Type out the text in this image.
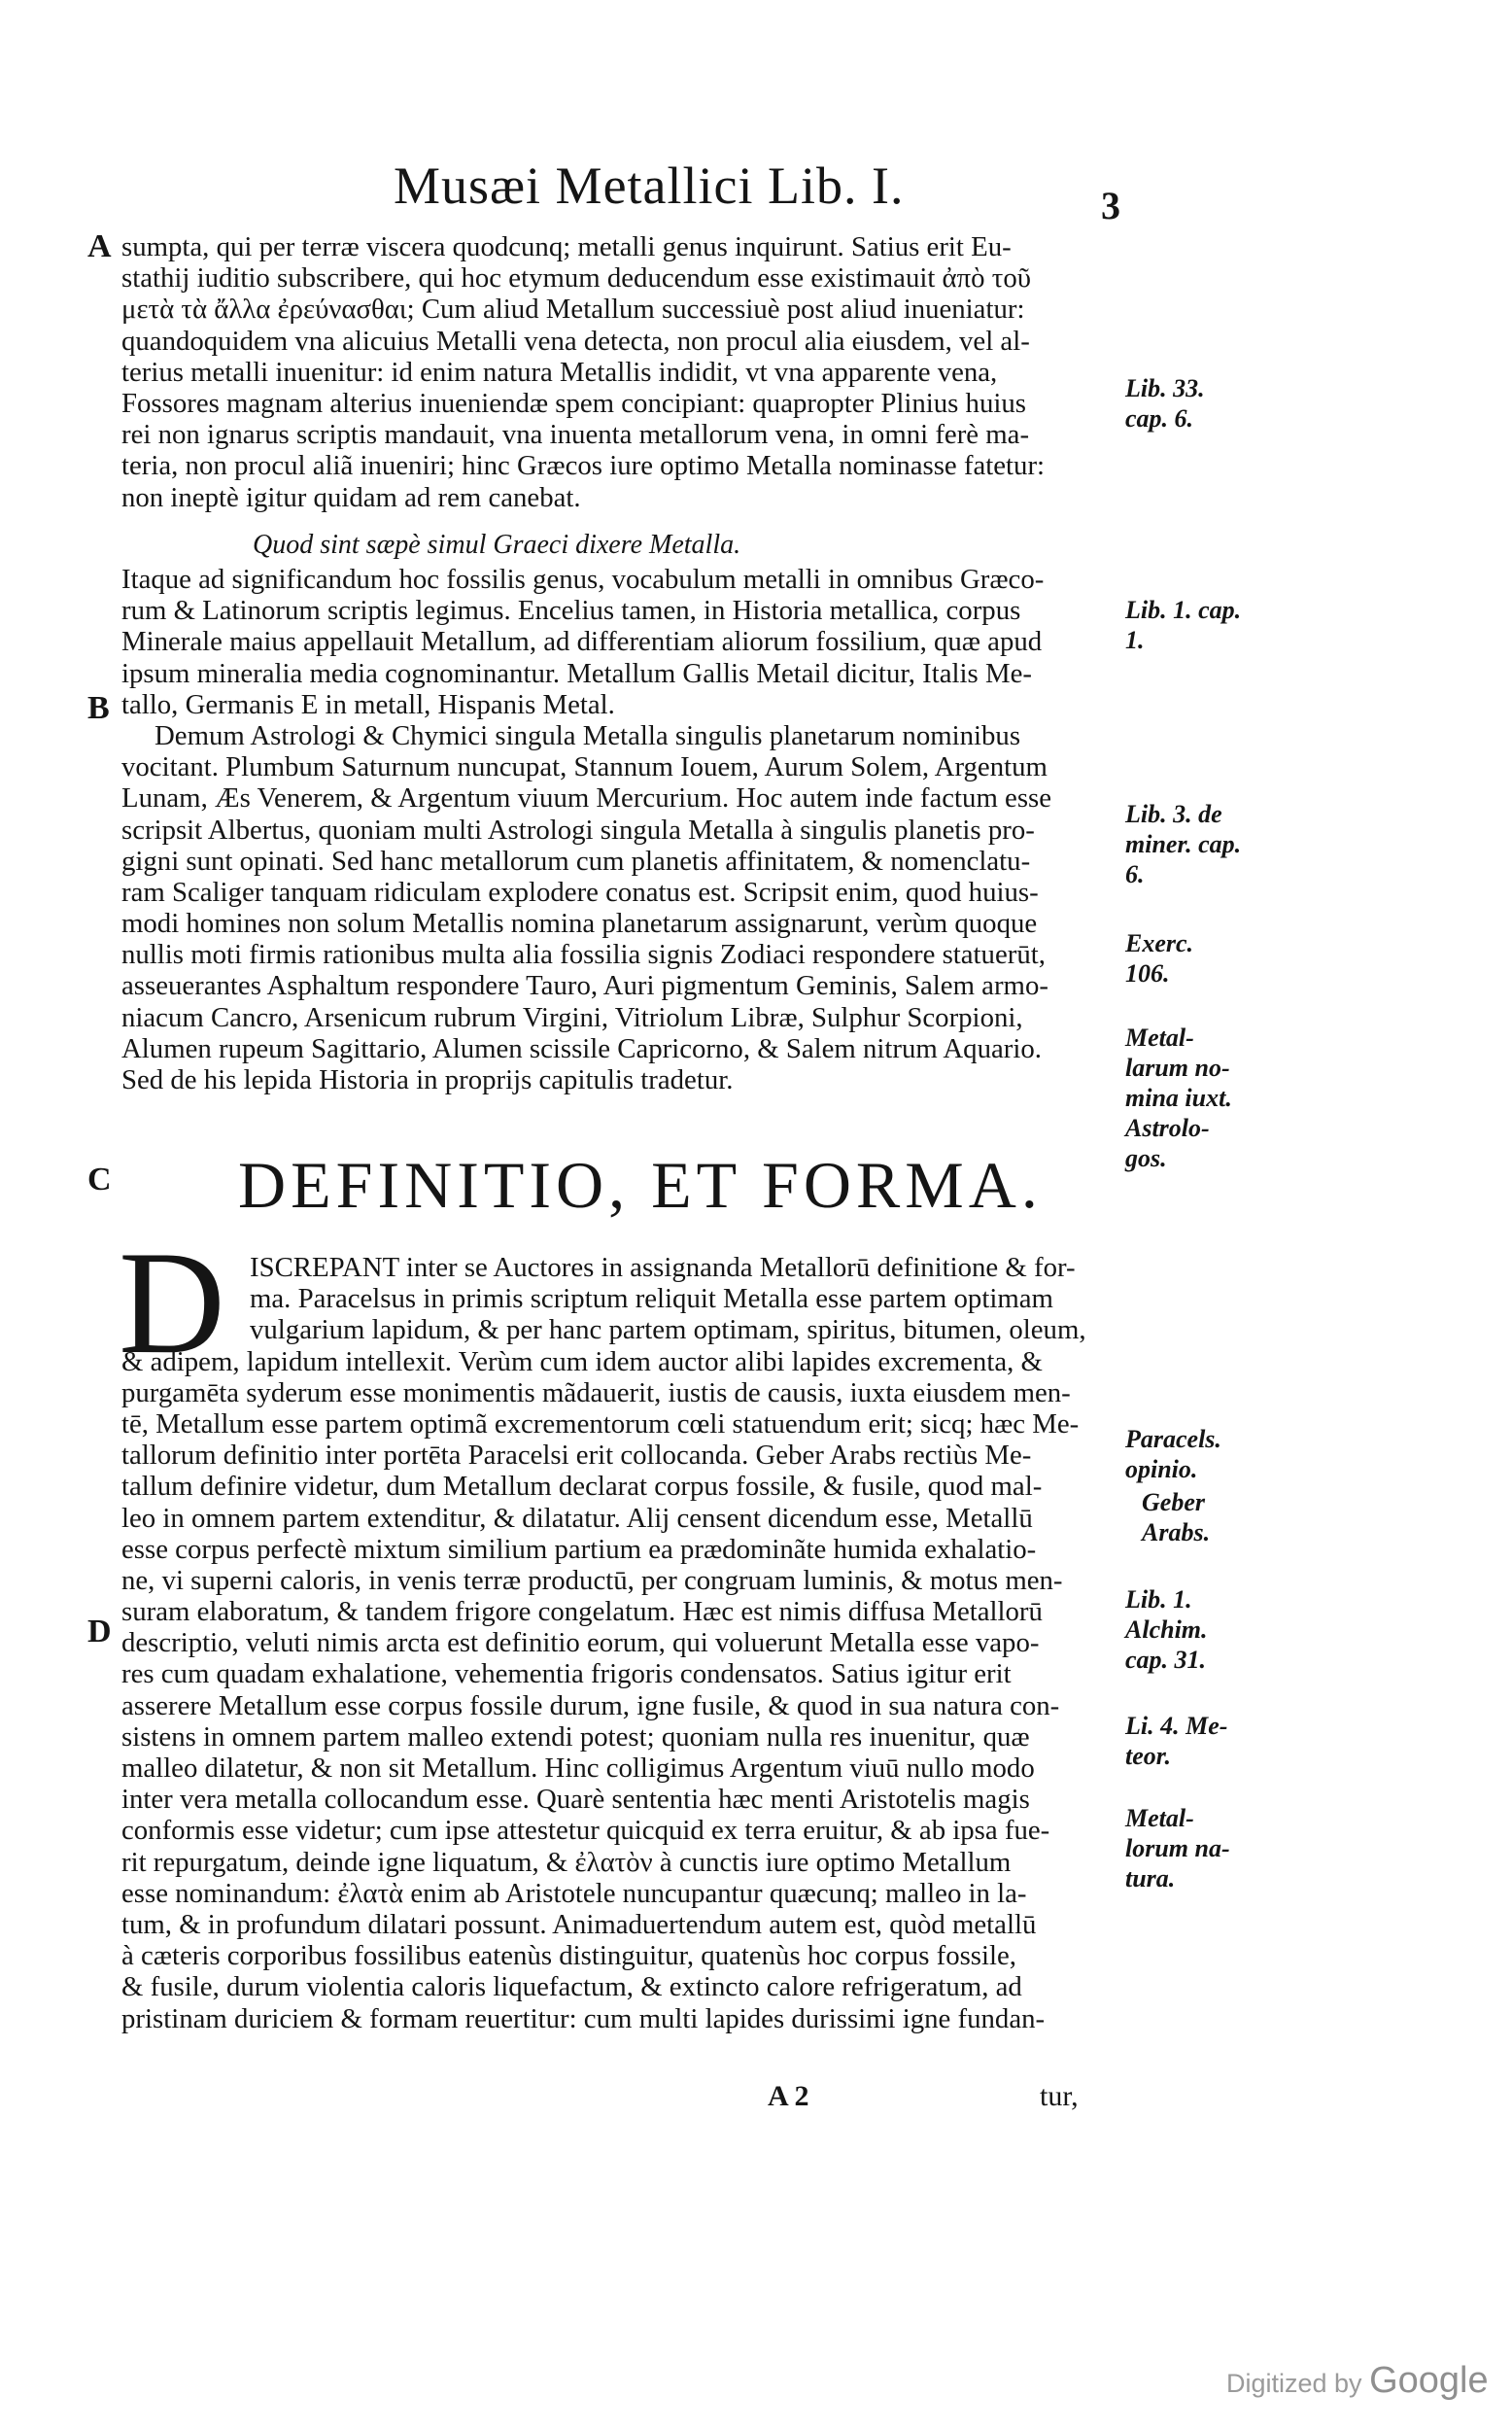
Musæi Metallici Lib. I.	3
A
B
C
D
sumpta, qui per terræ viscera quodcunq; metalli genus inquirunt. Satius erit Eu-
stathij iuditio subscribere, qui hoc etymum deducendum esse existimauit ἀπὸ τοῦ
μετὰ τὰ ἄλλα ἐρεύνασθαι; Cum aliud Metallum successiuè post aliud inueniatur:
quandoquidem vna alicuius Metalli vena detecta, non procul alia eiusdem, vel al-
terius metalli inuenitur: id enim natura Metallis indidit, vt vna apparente vena,
Fossores magnam alterius inueniendæ spem concipiant: quapropter Plinius huius
rei non ignarus scriptis mandauit, vna inuenta metallorum vena, in omni ferè ma-
teria, non procul aliã inueniri; hinc Græcos iure optimo Metalla nominasse fatetur:
non ineptè igitur quidam ad rem canebat.
Quod sint sæpè simul Graeci dixere Metalla.
Itaque ad significandum hoc fossilis genus, vocabulum metalli in omnibus Græco-
rum & Latinorum scriptis legimus. Encelius tamen, in Historia metallica, corpus
Minerale maius appellauit Metallum, ad differentiam aliorum fossilium, quæ apud
ipsum mineralia media cognominantur. Metallum Gallis Metail dicitur, Italis Me-
tallo, Germanis E in metall, Hispanis Metal.
Demum Astrologi & Chymici singula Metalla singulis planetarum nominibus
vocitant. Plumbum Saturnum nuncupat, Stannum Iouem, Aurum Solem, Argentum
Lunam, Æs Venerem, & Argentum viuum Mercurium. Hoc autem inde factum esse
scripsit Albertus, quoniam multi Astrologi singula Metalla à singulis planetis pro-
gigni sunt opinati. Sed hanc metallorum cum planetis affinitatem, & nomenclatu-
ram Scaliger tanquam ridiculam explodere conatus est. Scripsit enim, quod huius-
modi homines non solum Metallis nomina planetarum assignarunt, verùm quoque
nullis moti firmis rationibus multa alia fossilia signis Zodiaci respondere statuerūt,
asseuerantes Asphaltum respondere Tauro, Auri pigmentum Geminis, Salem armo-
niacum Cancro, Arsenicum rubrum Virgini, Vitriolum Libræ, Sulphur Scorpioni,
Alumen rupeum Sagittario, Alumen scissile Capricorno, & Salem nitrum Aquario.
Sed de his lepida Historia in proprijs capitulis tradetur.
DEFINITIO, ET FORMA.
D ISCREPANT inter se Auctores in assignanda Metallorū definitione & for-
ma. Paracelsus in primis scriptum reliquit Metalla esse partem optimam
vulgarium lapidum, & per hanc partem optimam, spiritus, bitumen, oleum,
& adipem, lapidum intellexit. Verùm cum idem auctor alibi lapides excrementa, &
purgamēta syderum esse monimentis mãdauerit, iustis de causis, iuxta eiusdem men-
tē, Metallum esse partem optimã excrementorum cœli statuendum erit; sicq; hæc Me-
tallorum definitio inter portēta Paracelsi erit collocanda. Geber Arabs rectiùs Me-
tallum definire videtur, dum Metallum declarat corpus fossile, & fusile, quod mal-
leo in omnem partem extenditur, & dilatatur. Alij censent dicendum esse, Metallū
esse corpus perfectè mixtum similium partium ea prædominãte humida exhalatio-
ne, vi superni caloris, in venis terræ productū, per congruam luminis, & motus men-
suram elaboratum, & tandem frigore congelatum. Hæc est nimis diffusa Metallorū
descriptio, veluti nimis arcta est definitio eorum, qui voluerunt Metalla esse vapo-
res cum quadam exhalatione, vehementia frigoris condensatos. Satius igitur erit
asserere Metallum esse corpus fossile durum, igne fusile, & quod in sua natura con-
sistens in omnem partem malleo extendi potest; quoniam nulla res inuenitur, quæ
malleo dilatetur, & non sit Metallum. Hinc colligimus Argentum viuū nullo modo
inter vera metalla collocandum esse. Quarè sententia hæc menti Aristotelis magis
conformis esse videtur; cum ipse attestetur quicquid ex terra eruitur, & ab ipsa fue-
rit repurgatum, deinde igne liquatum, & ἐλατὸν à cunctis iure optimo Metallum
esse nominandum: ἐλατὰ enim ab Aristotele nuncupantur quæcunq; malleo in la-
tum, & in profundum dilatari possunt. Animaduertendum autem est, quòd metallū
à cæteris corporibus fossilibus eatenùs distinguitur, quatenùs hoc corpus fossile,
& fusile, durum violentia caloris liquefactum, & extincto calore refrigeratum, ad
pristinam duriciem & formam reuertitur: cum multi lapides durissimi igne fundan-
Lib. 33.
cap. 6.
Lib. 1. cap.
1.
Lib. 3. de
miner. cap.
6.
Exerc.
106.
Metal-
larum no-
mina iuxt.
Astrolo-
gos.
Paracels.
opinio.
Geber
Arabs.
Lib. 1.
Alchim.
cap. 31.
Li. 4. Me-
teor.
Metal-
lorum na-
tura.
A 2	tur,
Digitized by Google
